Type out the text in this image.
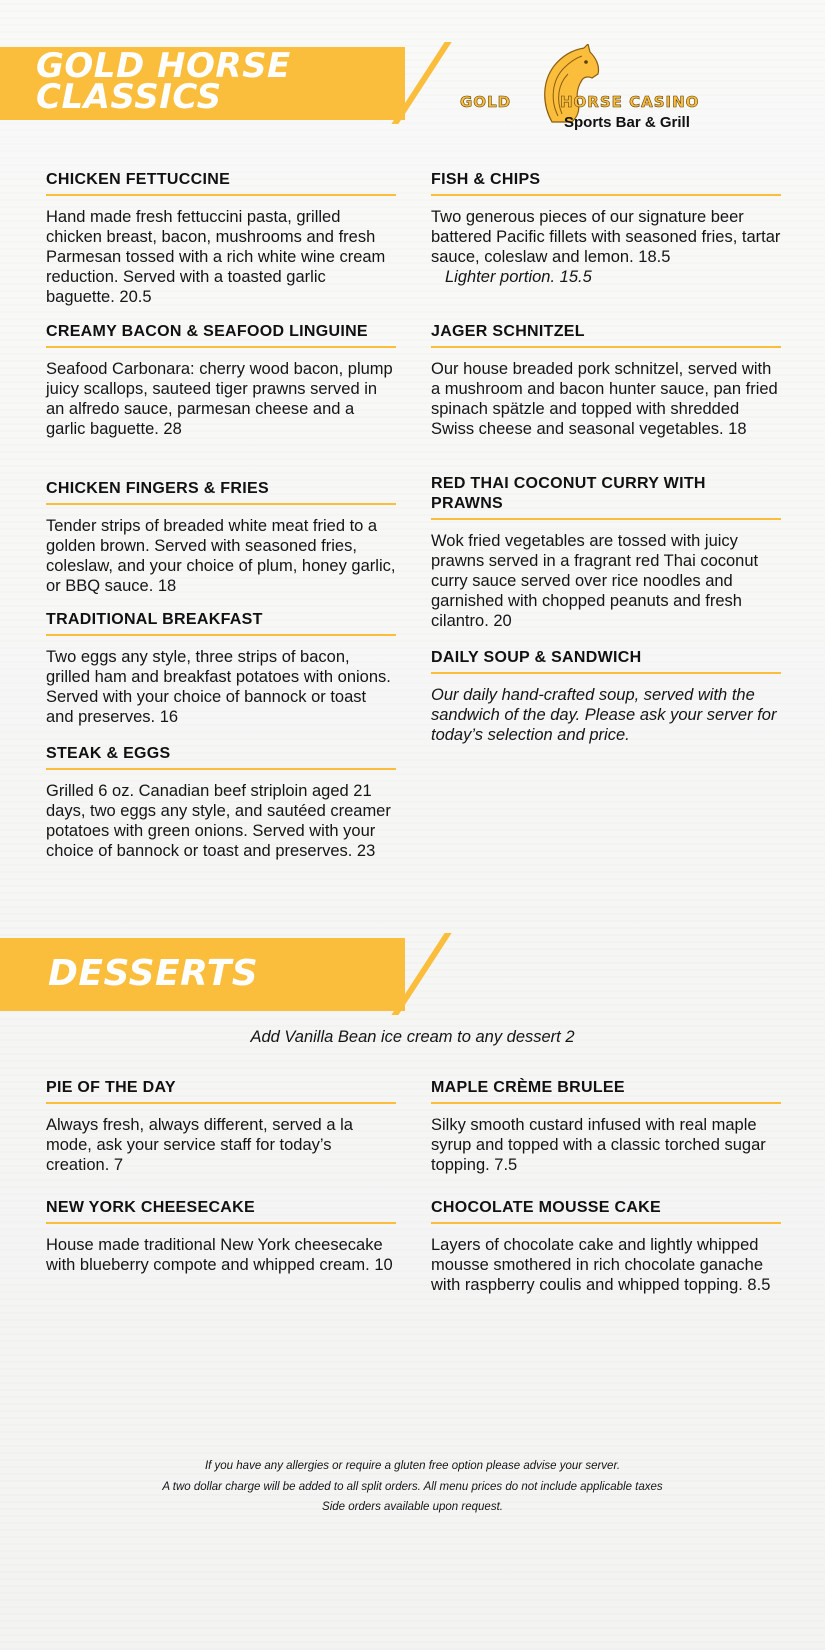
GOLD HORSE
CLASSICS	GOLD	HORSE CASINO
Sports Bar & Grill
CHICKEN FETTUCCINE
Hand made fresh fettuccini pasta, grilled chicken breast, bacon, mushrooms and fresh Parmesan tossed with a rich white wine cream reduction. Served with a toasted garlic baguette. 20.5
CREAMY BACON & SEAFOOD LINGUINE
Seafood Carbonara: cherry wood bacon, plump juicy scallops, sauteed tiger prawns served in an alfredo sauce, parmesan cheese and a garlic baguette. 28
CHICKEN FINGERS & FRIES
Tender strips of breaded white meat fried to a golden brown. Served with seasoned fries, coleslaw, and your choice of plum, honey garlic, or BBQ sauce. 18
TRADITIONAL BREAKFAST
Two eggs any style, three strips of bacon, grilled ham and breakfast potatoes with onions. Served with your choice of bannock or toast and preserves. 16
STEAK & EGGS
Grilled 6 oz. Canadian beef striploin aged 21 days, two eggs any style, and sautéed creamer potatoes with green onions. Served with your choice of bannock or toast and preserves. 23
FISH & CHIPS
Two generous pieces of our signature beer battered Pacific fillets with seasoned fries, tartar sauce, coleslaw and lemon. 18.5
Lighter portion. 15.5
JAGER SCHNITZEL
Our house breaded pork schnitzel, served with a mushroom and bacon hunter sauce, pan fried spinach spätzle and topped with shredded Swiss cheese and seasonal vegetables. 18
RED THAI COCONUT CURRY WITH PRAWNS
Wok fried vegetables are tossed with juicy prawns served in a fragrant red Thai coconut curry sauce served over rice noodles and garnished with chopped peanuts and fresh cilantro. 20
DAILY SOUP & SANDWICH
Our daily hand-crafted soup, served with the sandwich of the day. Please ask your server for today’s selection and price.
DESSERTS
Add Vanilla Bean ice cream to any dessert 2
PIE OF THE DAY
Always fresh, always different, served a la mode, ask your service staff for today’s creation. 7
NEW YORK CHEESECAKE
House made traditional New York cheesecake with blueberry compote and whipped cream. 10
MAPLE CRÈME BRULEE
Silky smooth custard infused with real maple syrup and topped with a classic torched sugar topping. 7.5
CHOCOLATE MOUSSE CAKE
Layers of chocolate cake and lightly whipped mousse smothered in rich chocolate ganache with raspberry coulis and whipped topping. 8.5
If you have any allergies or require a gluten free option please advise your server.
A two dollar charge will be added to all split orders. All menu prices do not include applicable taxes
Side orders available upon request.
